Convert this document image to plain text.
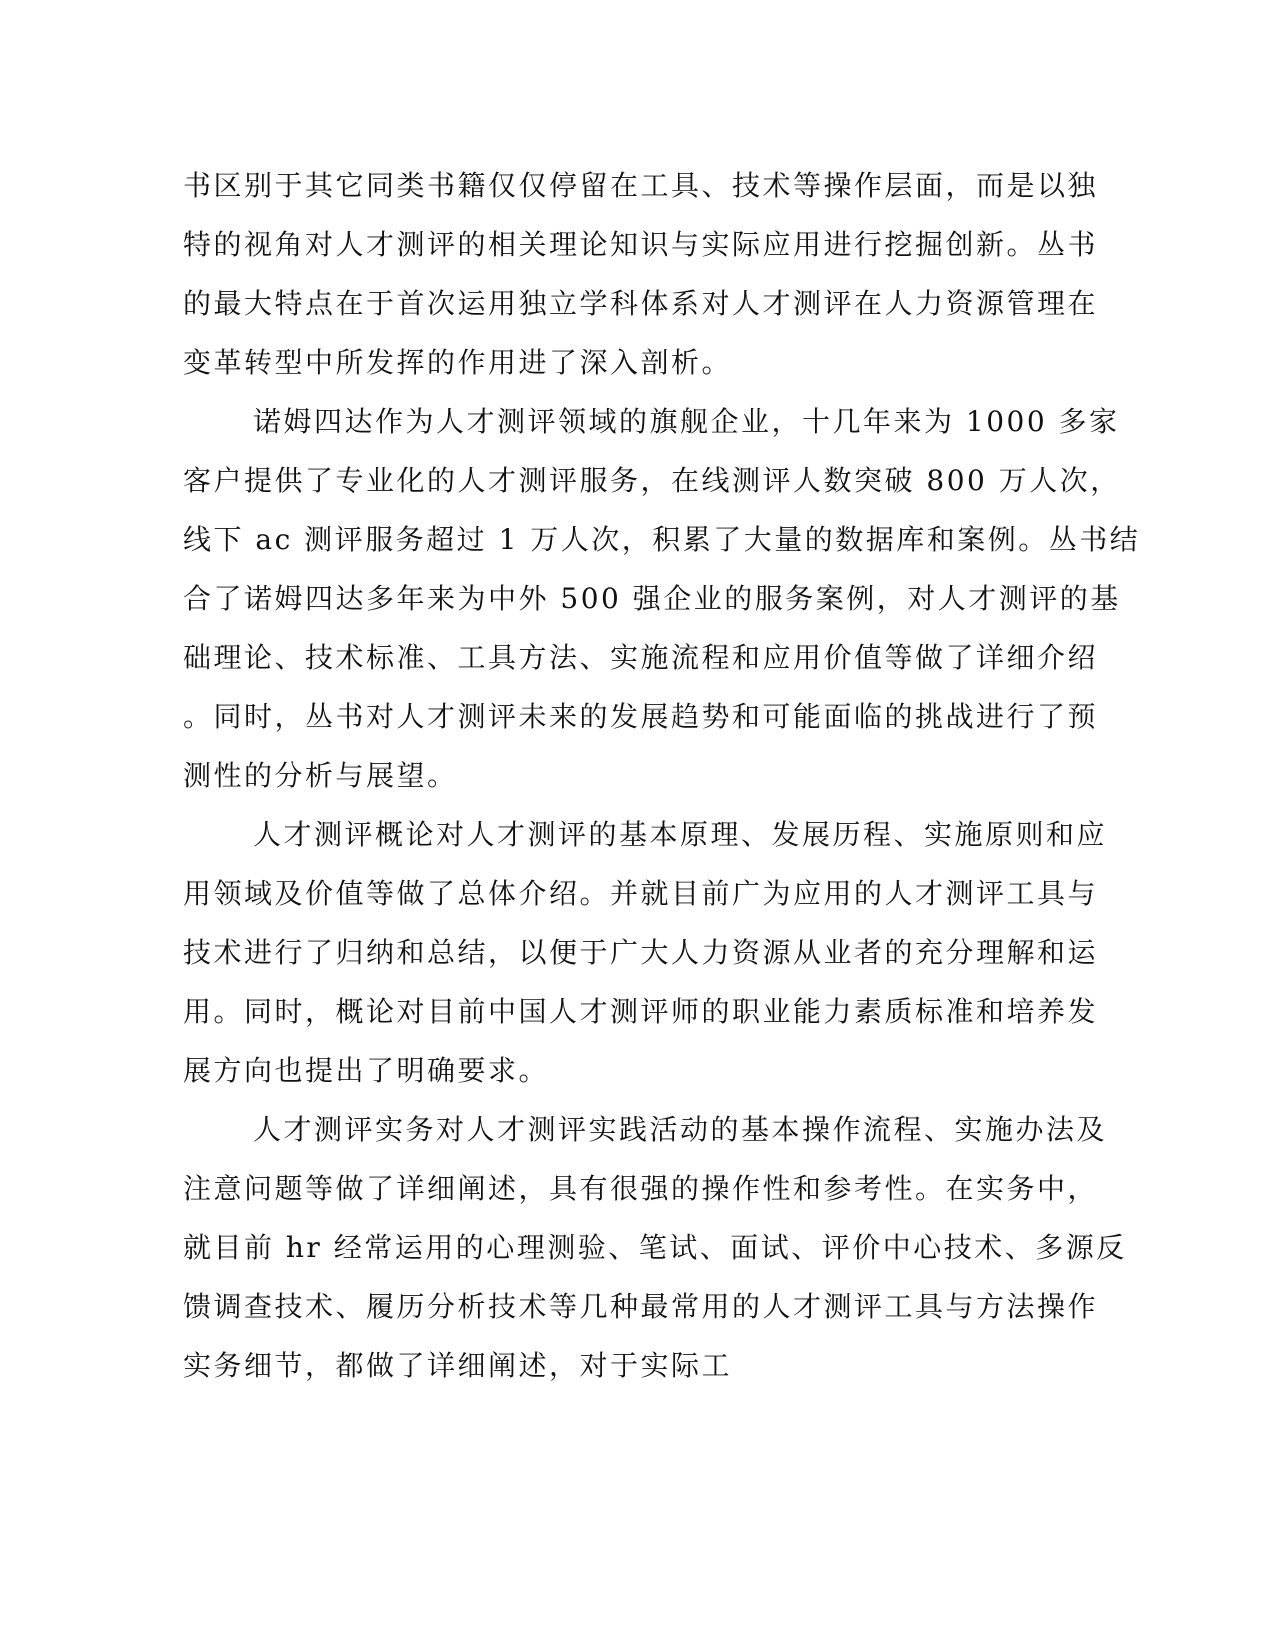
书区别于其它同类书籍仅仅停留在工具、技术等操作层面，而是以独
特的视角对人才测评的相关理论知识与实际应用进行挖掘创新。丛书
的最大特点在于首次运用独立学科体系对人才测评在人力资源管理在
变革转型中所发挥的作用进了深入剖析。
诺姆四达作为人才测评领域的旗舰企业，十几年来为 1000 多家
客户提供了专业化的人才测评服务，在线测评人数突破 800 万人次，
线下 ac 测评服务超过 1 万人次，积累了大量的数据库和案例。丛书结
合了诺姆四达多年来为中外 500 强企业的服务案例，对人才测评的基
础理论、技术标准、工具方法、实施流程和应用价值等做了详细介绍
。同时，丛书对人才测评未来的发展趋势和可能面临的挑战进行了预
测性的分析与展望。
人才测评概论对人才测评的基本原理、发展历程、实施原则和应
用领域及价值等做了总体介绍。并就目前广为应用的人才测评工具与
技术进行了归纳和总结，以便于广大人力资源从业者的充分理解和运
用。同时，概论对目前中国人才测评师的职业能力素质标准和培养发
展方向也提出了明确要求。
人才测评实务对人才测评实践活动的基本操作流程、实施办法及
注意问题等做了详细阐述，具有很强的操作性和参考性。在实务中，
就目前 hr 经常运用的心理测验、笔试、面试、评价中心技术、多源反
馈调查技术、履历分析技术等几种最常用的人才测评工具与方法操作
实务细节，都做了详细阐述，对于实际工
